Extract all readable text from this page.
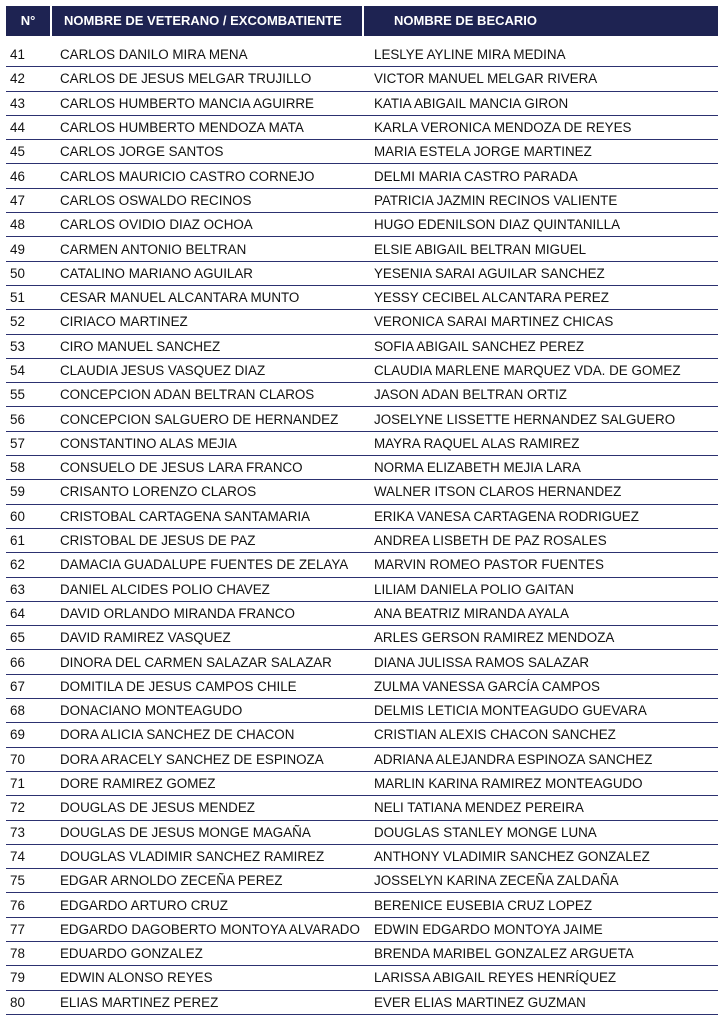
N°	NOMBRE DE VETERANO / EXCOMBATIENTE	NOMBRE DE BECARIO
41	CARLOS DANILO MIRA MENA	LESLYE AYLINE MIRA MEDINA
42	CARLOS DE JESUS MELGAR TRUJILLO	VICTOR MANUEL MELGAR RIVERA
43	CARLOS HUMBERTO MANCIA AGUIRRE	KATIA ABIGAIL MANCIA GIRON
44	CARLOS HUMBERTO MENDOZA MATA	KARLA VERONICA MENDOZA DE REYES
45	CARLOS JORGE SANTOS	MARIA ESTELA JORGE MARTINEZ
46	CARLOS MAURICIO CASTRO CORNEJO	DELMI MARIA CASTRO PARADA
47	CARLOS OSWALDO RECINOS	PATRICIA JAZMIN RECINOS VALIENTE
48	CARLOS OVIDIO DIAZ OCHOA	HUGO EDENILSON DIAZ QUINTANILLA
49	CARMEN ANTONIO BELTRAN	ELSIE ABIGAIL BELTRAN MIGUEL
50	CATALINO MARIANO AGUILAR	YESENIA SARAI AGUILAR SANCHEZ
51	CESAR MANUEL ALCANTARA MUNTO	YESSY CECIBEL ALCANTARA PEREZ
52	CIRIACO MARTINEZ	VERONICA SARAI MARTINEZ CHICAS
53	CIRO MANUEL SANCHEZ	SOFIA ABIGAIL SANCHEZ PEREZ
54	CLAUDIA JESUS VASQUEZ DIAZ	CLAUDIA MARLENE MARQUEZ VDA. DE GOMEZ
55	CONCEPCION ADAN BELTRAN CLAROS	JASON ADAN BELTRAN ORTIZ
56	CONCEPCION SALGUERO DE HERNANDEZ	JOSELYNE LISSETTE HERNANDEZ SALGUERO
57	CONSTANTINO ALAS MEJIA	MAYRA RAQUEL ALAS RAMIREZ
58	CONSUELO DE JESUS LARA FRANCO	NORMA ELIZABETH MEJIA LARA
59	CRISANTO LORENZO CLAROS	WALNER ITSON CLAROS HERNANDEZ
60	CRISTOBAL CARTAGENA SANTAMARIA	ERIKA VANESA CARTAGENA RODRIGUEZ
61	CRISTOBAL DE JESUS DE PAZ	ANDREA LISBETH DE PAZ ROSALES
62	DAMACIA GUADALUPE FUENTES DE ZELAYA	MARVIN ROMEO PASTOR FUENTES
63	DANIEL ALCIDES POLIO CHAVEZ	LILIAM DANIELA POLIO GAITAN
64	DAVID ORLANDO MIRANDA FRANCO	ANA BEATRIZ MIRANDA AYALA
65	DAVID RAMIREZ VASQUEZ	ARLES GERSON RAMIREZ MENDOZA
66	DINORA DEL CARMEN SALAZAR SALAZAR	DIANA JULISSA RAMOS SALAZAR
67	DOMITILA DE JESUS CAMPOS CHILE	ZULMA VANESSA GARCÍA CAMPOS
68	DONACIANO MONTEAGUDO	DELMIS LETICIA MONTEAGUDO GUEVARA
69	DORA ALICIA SANCHEZ DE CHACON	CRISTIAN ALEXIS CHACON SANCHEZ
70	DORA ARACELY SANCHEZ DE ESPINOZA	ADRIANA ALEJANDRA ESPINOZA SANCHEZ
71	DORE RAMIREZ GOMEZ	MARLIN KARINA RAMIREZ MONTEAGUDO
72	DOUGLAS DE JESUS MENDEZ	NELI TATIANA MENDEZ PEREIRA
73	DOUGLAS DE JESUS MONGE MAGAÑA	DOUGLAS STANLEY MONGE LUNA
74	DOUGLAS VLADIMIR SANCHEZ RAMIREZ	ANTHONY VLADIMIR SANCHEZ GONZALEZ
75	EDGAR ARNOLDO ZECEÑA PEREZ	JOSSELYN KARINA ZECEÑA ZALDAÑA
76	EDGARDO ARTURO CRUZ	BERENICE EUSEBIA CRUZ LOPEZ
77	EDGARDO DAGOBERTO MONTOYA ALVARADO	EDWIN EDGARDO MONTOYA JAIME
78	EDUARDO GONZALEZ	BRENDA MARIBEL GONZALEZ ARGUETA
79	EDWIN ALONSO REYES	LARISSA ABIGAIL REYES HENRÍQUEZ
80	ELIAS MARTINEZ PEREZ	EVER ELIAS MARTINEZ GUZMAN
